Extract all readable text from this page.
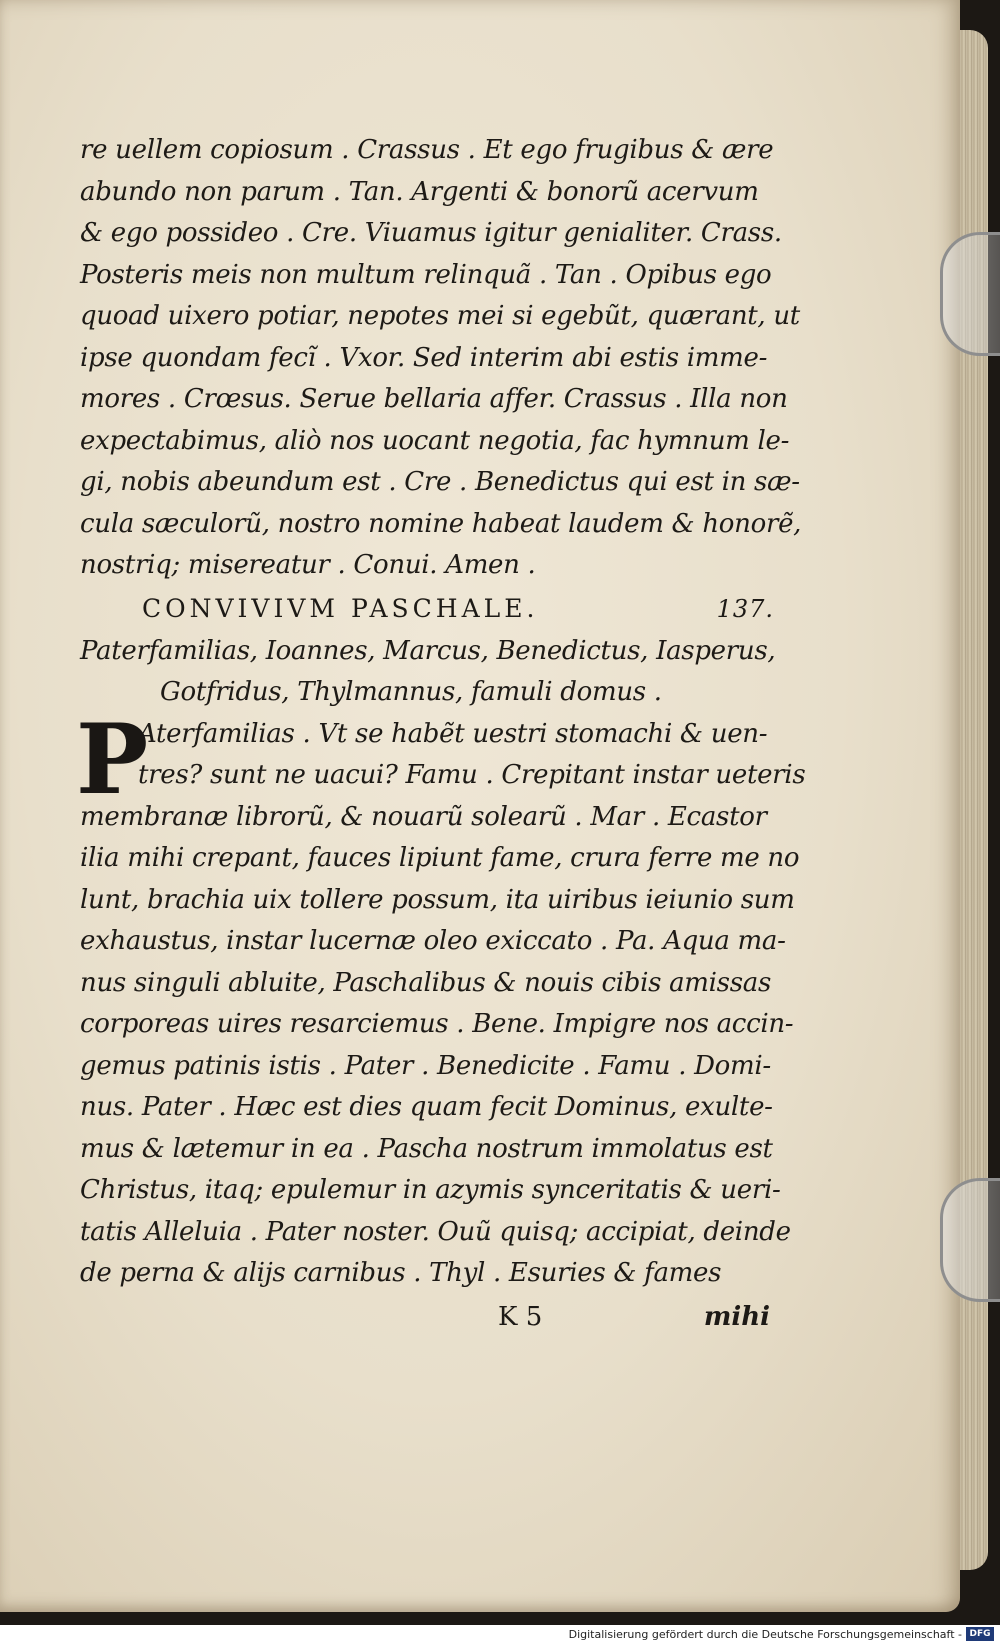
re uellem copiosum . Crassus . Et ego frugibus & ære
abundo non parum . Tan. Argenti & bonorũ acervum
& ego possideo . Cre. Viuamus igitur genialiter. Crass.
Posteris meis non multum relinquã . Tan . Opibus ego
quoad uixero potiar, nepotes mei si egebũt, quærant, ut
ipse quondam fecĩ . Vxor. Sed interim abi estis imme-
mores . Crœsus. Serue bellaria affer. Crassus . Illa non
expectabimus, aliò nos uocant negotia, fac hymnum le-
gi, nobis abeundum est . Cre . Benedictus qui est in sæ-
cula sæculorũ, nostro nomine habeat laudem & honorẽ,
nostriq; misereatur . Conui. Amen .
CONVIVIVM PASCHALE.	137.
Paterfamilias, Ioannes, Marcus, Benedictus, Iasperus,
Gotfridus, Thylmannus, famuli domus .
P
Aterfamilias . Vt se habẽt uestri stomachi & uen-
tres? sunt ne uacui? Famu . Crepitant instar ueteris
membranæ librorũ, & nouarũ solearũ . Mar . Ecastor
ilia mihi crepant, fauces lipiunt fame, crura ferre me no
lunt, brachia uix tollere possum, ita uiribus ieiunio sum
exhaustus, instar lucernæ oleo exiccato . Pa. Aqua ma-
nus singuli abluite, Paschalibus & nouis cibis amissas
corporeas uires resarciemus . Bene. Impigre nos accin-
gemus patinis istis . Pater . Benedicite . Famu . Domi-
nus. Pater . Hæc est dies quam fecit Dominus, exulte-
mus & lætemur in ea . Pascha nostrum immolatus est
Christus, itaq; epulemur in azymis synceritatis & ueri-
tatis Alleluia . Pater noster. Ouũ quisq; accipiat, deinde
de perna & alijs carnibus . Thyl . Esuries & fames
K 5	mihi
Digitalisierung gefördert durch die Deutsche Forschungsgemeinschaft - DFG
